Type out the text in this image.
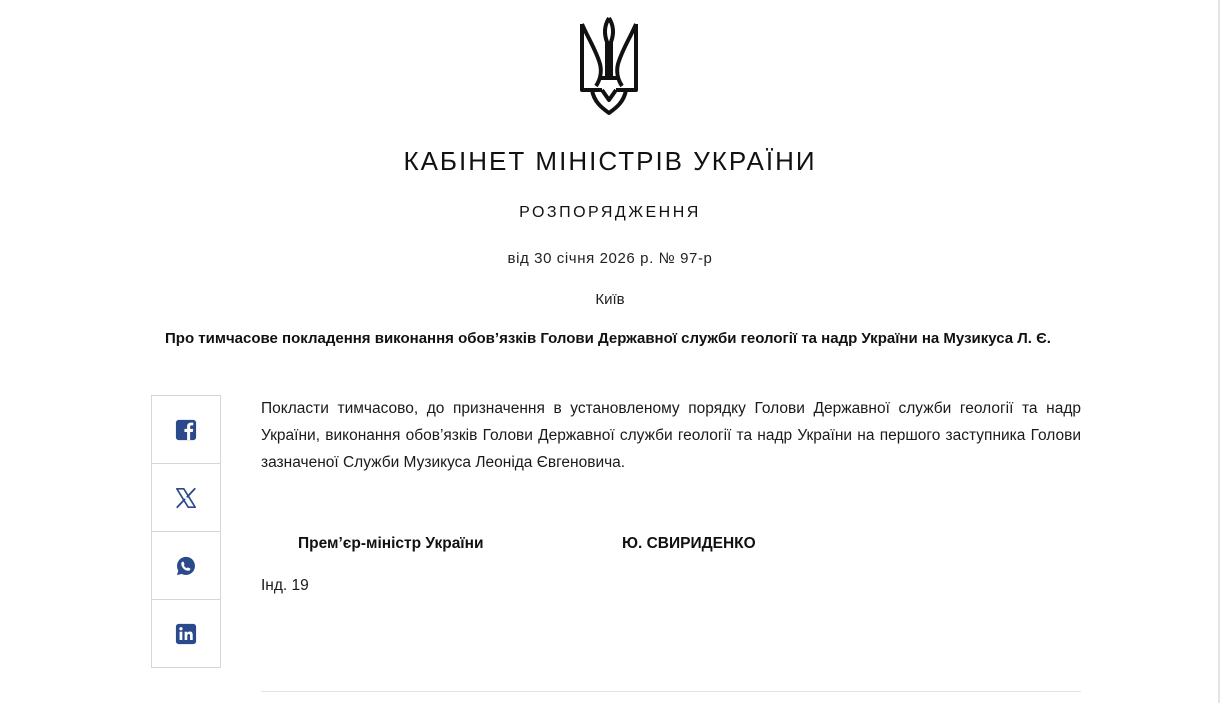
КАБІНЕТ МІНІСТРІВ УКРАЇНИ
РОЗПОРЯДЖЕННЯ
від 30 січня 2026 р. № 97-р
Київ
Про тимчасове покладення виконання обов’язків Голови Державної служби геології та надр України на Музикуса Л. Є.
Покласти тимчасово, до призначення в установленому порядку Голови Державної служби геології та надр України, виконання обов’язків Голови Державної служби геології та надр України на першого заступника Голови зазначеної Служби Музикуса Леоніда Євгеновича.
Прем’єр-міністр України	Ю. СВИРИДЕНКО
Інд. 19
